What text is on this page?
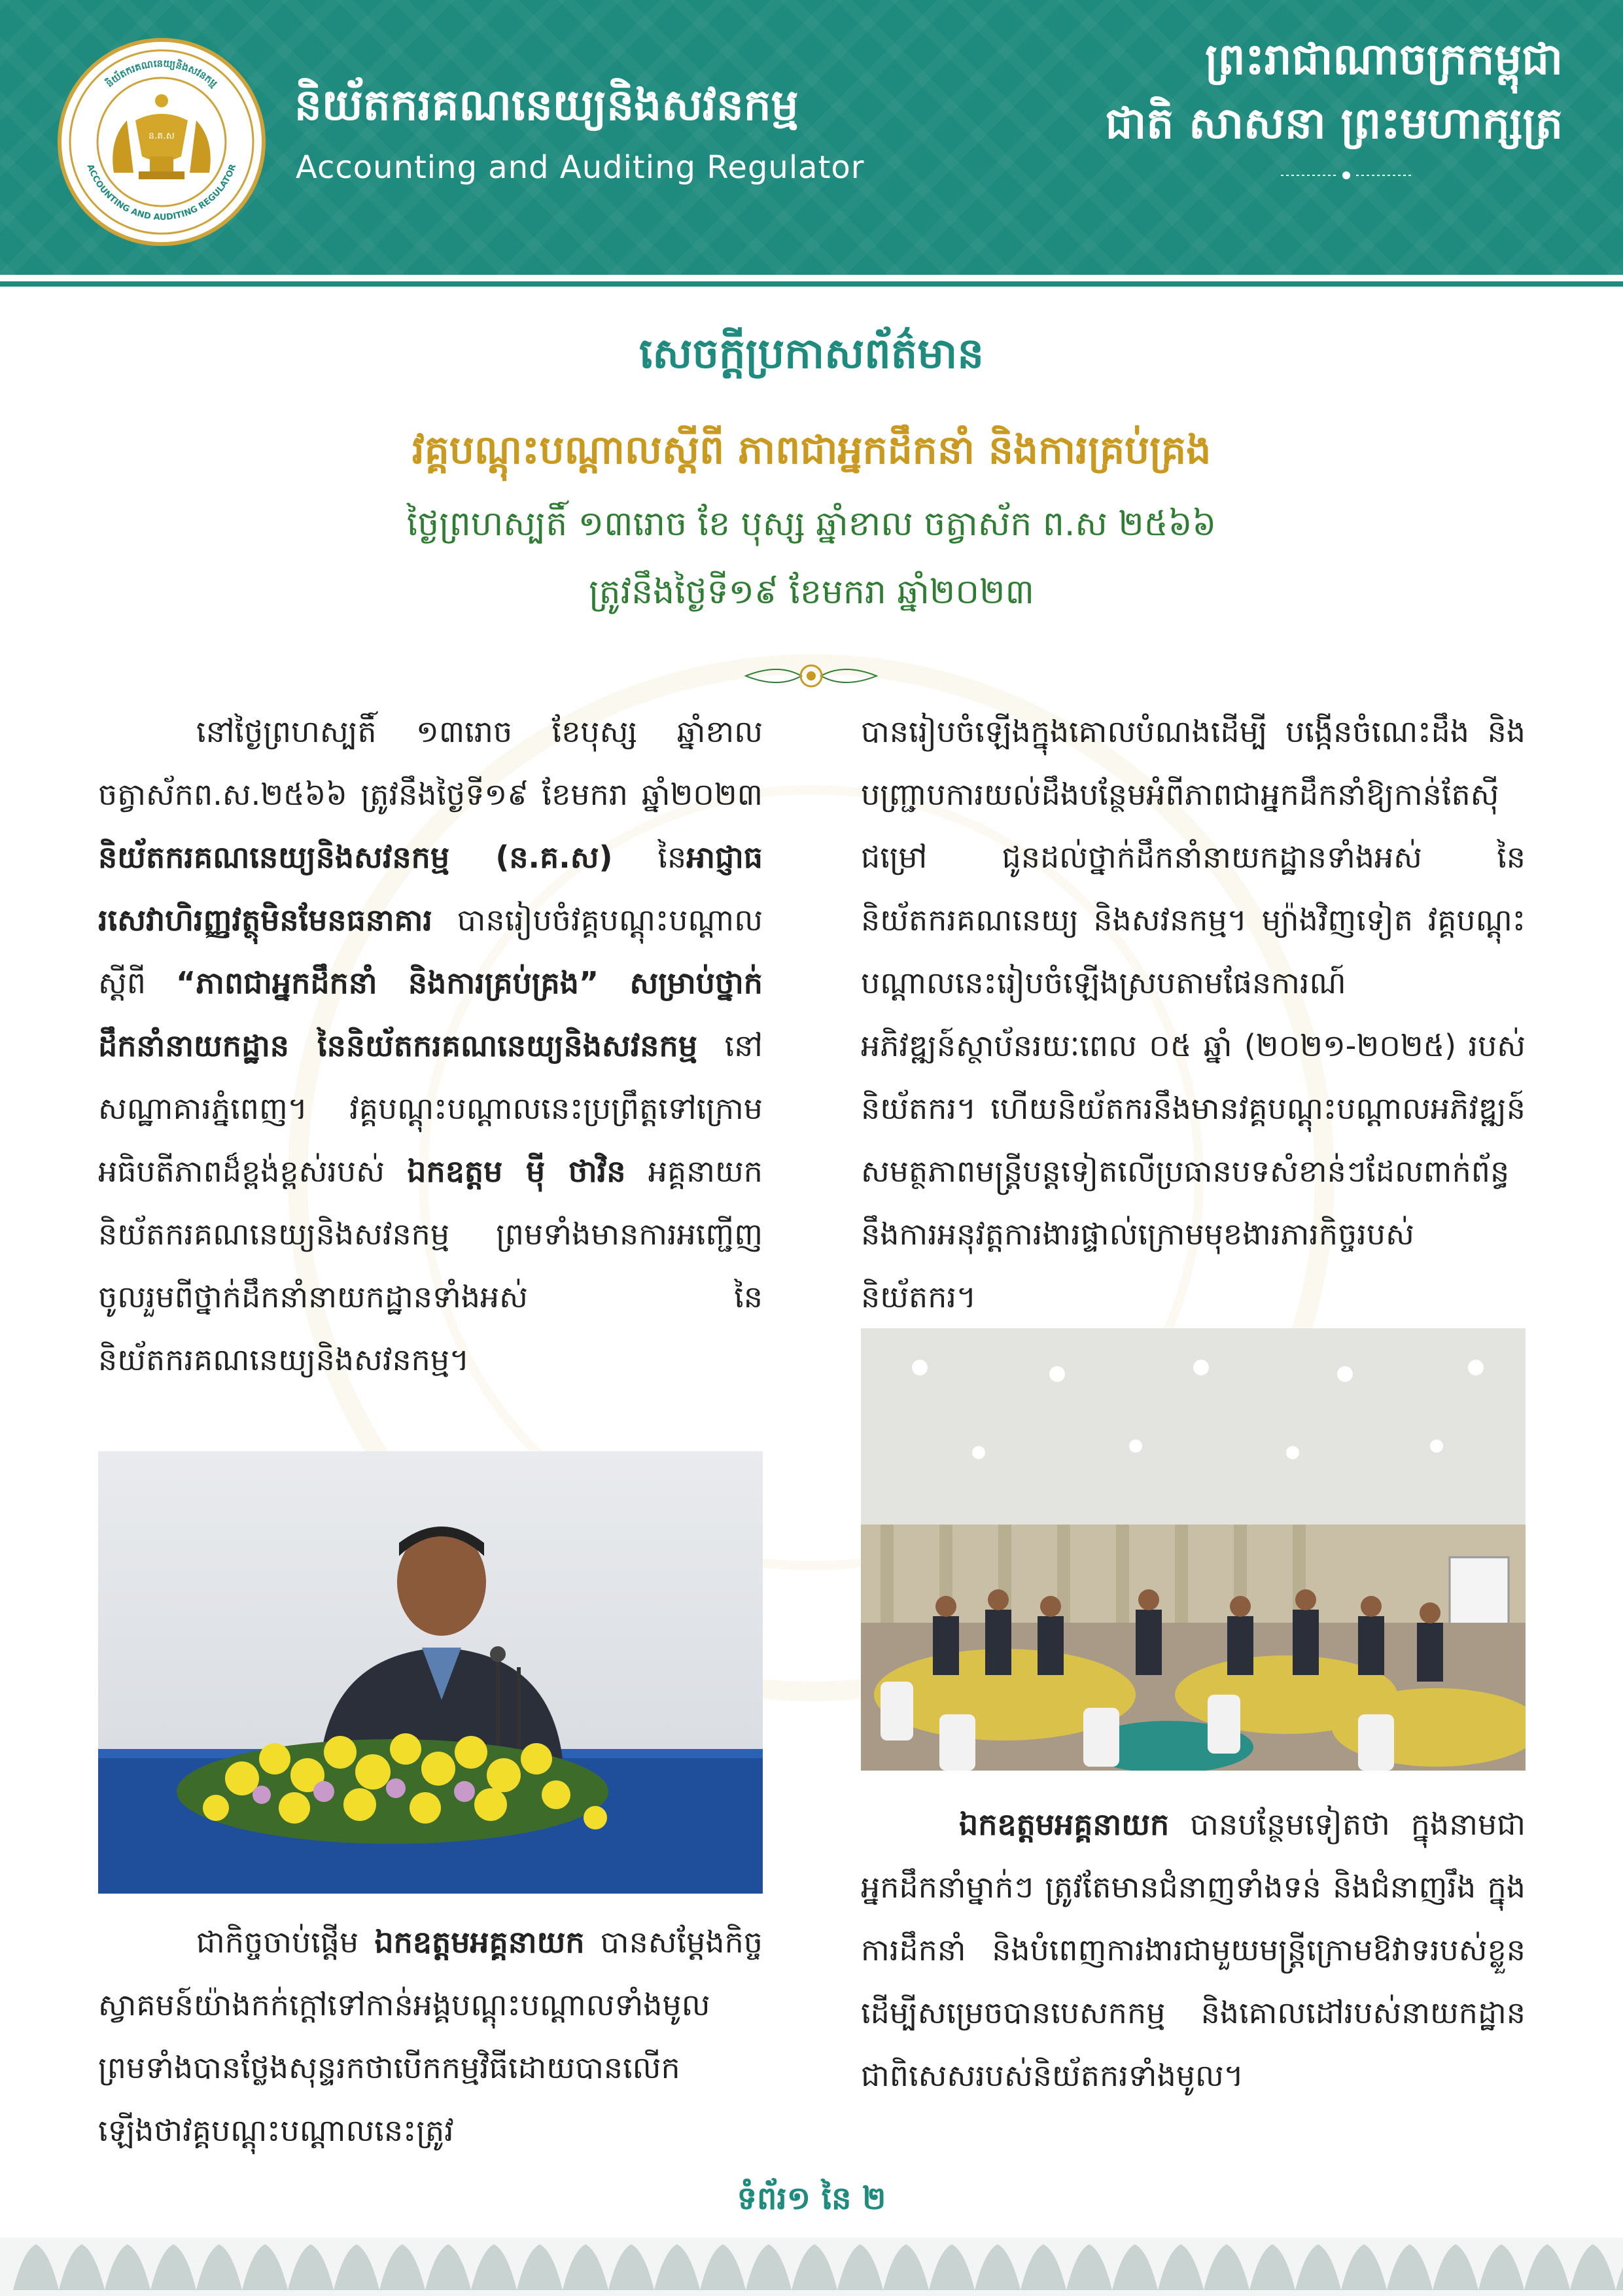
និយ័តករគណនេយ្យនិងសវនកម្ម
ACCOUNTING AND AUDITING REGULATOR
ន.គ.ស
និយ័តករគណនេយ្យនិងសវនកម្ម
Accounting and Auditing Regulator
ព្រះរាជាណាចក្រកម្ពុជា
ជាតិ សាសនា ព្រះមហាក្សត្រ
សេចក្តីប្រកាសព័ត៌មាន
វគ្គបណ្តុះបណ្តាលស្តីពី ភាពជាអ្នកដឹកនាំ និងការគ្រប់គ្រង
ថ្ងៃព្រហស្បតិ៍ ១៣រោច ខែ បុស្ស ឆ្នាំខាល ចត្វាស័ក ព.ស ២៥៦៦
ត្រូវនឹងថ្ងៃទី១៩ ខែមករា ឆ្នាំ២០២៣
នៅថ្ងៃព្រហស្បតិ៍ ១៣រោច ខែបុស្ស ឆ្នាំខាល ចត្វាស័កព.ស.២៥៦៦ ត្រូវនឹងថ្ងៃទី១៩ ខែមករា ឆ្នាំ២០២៣ និយ័តករគណនេយ្យនិងសវនកម្ម (ន.គ.ស) នៃអាជ្ញាធរសេវាហិរញ្ញវត្ថុមិនមែនធនាគារ បានរៀបចំវគ្គបណ្តុះបណ្តាលស្តីពី “ភាពជាអ្នកដឹកនាំ និងការគ្រប់គ្រង” សម្រាប់ថ្នាក់ដឹកនាំនាយកដ្ឋាន នៃនិយ័តករគណនេយ្យនិងសវនកម្ម នៅសណ្ឋាគារភ្នំពេញ។ វគ្គបណ្តុះបណ្តាលនេះប្រព្រឹត្តទៅក្រោមអធិបតីភាពដ៏ខ្ពង់ខ្ពស់របស់ ឯកឧត្តម ម៉ី ថាវិន អគ្គនាយកនិយ័តករគណនេយ្យនិងសវនកម្ម ព្រមទាំងមានការអញ្ជើញចូលរួមពីថ្នាក់ដឹកនាំនាយកដ្ឋានទាំងអស់ នៃនិយ័តករគណនេយ្យនិងសវនកម្ម។
ជាកិច្ចចាប់ផ្តើម ឯកឧត្តមអគ្គនាយក បានសម្តែងកិច្ចស្វាគមន៍យ៉ាងកក់ក្តៅទៅកាន់អង្គបណ្តុះបណ្តាលទាំងមូល ព្រមទាំងបានថ្លែងសុន្ទរកថាបើកកម្មវិធីដោយបានលើកឡើងថាវគ្គបណ្តុះបណ្តាលនេះត្រូវ
បានរៀបចំឡើងក្នុងគោលបំណងដើម្បី បង្កើនចំណេះដឹង និងបញ្ជ្រាបការយល់ដឹងបន្ថែមអំពីភាពជាអ្នកដឹកនាំឱ្យកាន់តែស៊ីជម្រៅ ជូនដល់ថ្នាក់ដឹកនាំនាយកដ្ឋានទាំងអស់ នៃនិយ័តករគណនេយ្យ និងសវនកម្ម។ ម្យ៉ាងវិញទៀត វគ្គបណ្តុះបណ្តាលនេះរៀបចំឡើងស្របតាមផែនការណ៍អភិវឌ្ឍន៍ស្ថាប័នរយៈពេល ០៥ ឆ្នាំ (២០២១-២០២៥) របស់និយ័តករ។ ហើយនិយ័តករនឹងមានវគ្គបណ្តុះបណ្តាលអភិវឌ្ឍន៍សមត្ថភាពមន្ត្រីបន្តទៀតលើប្រធានបទសំខាន់ៗដែលពាក់ព័ន្ធនឹងការអនុវត្តការងារផ្ទាល់ក្រោមមុខងារភារកិច្ចរបស់និយ័តករ។
ឯកឧត្តមអគ្គនាយក បានបន្ថែមទៀតថា ក្នុងនាមជាអ្នកដឹកនាំម្នាក់ៗ ត្រូវតែមានជំនាញទាំងទន់ និងជំនាញរឹង ក្នុងការដឹកនាំ និងបំពេញការងារជាមួយមន្ត្រីក្រោមឱវាទរបស់ខ្លួន ដើម្បីសម្រេចបានបេសកកម្ម និងគោលដៅរបស់នាយកដ្ឋាន ជាពិសេសរបស់និយ័តករទាំងមូល។
ទំព័រ១ នៃ ២
